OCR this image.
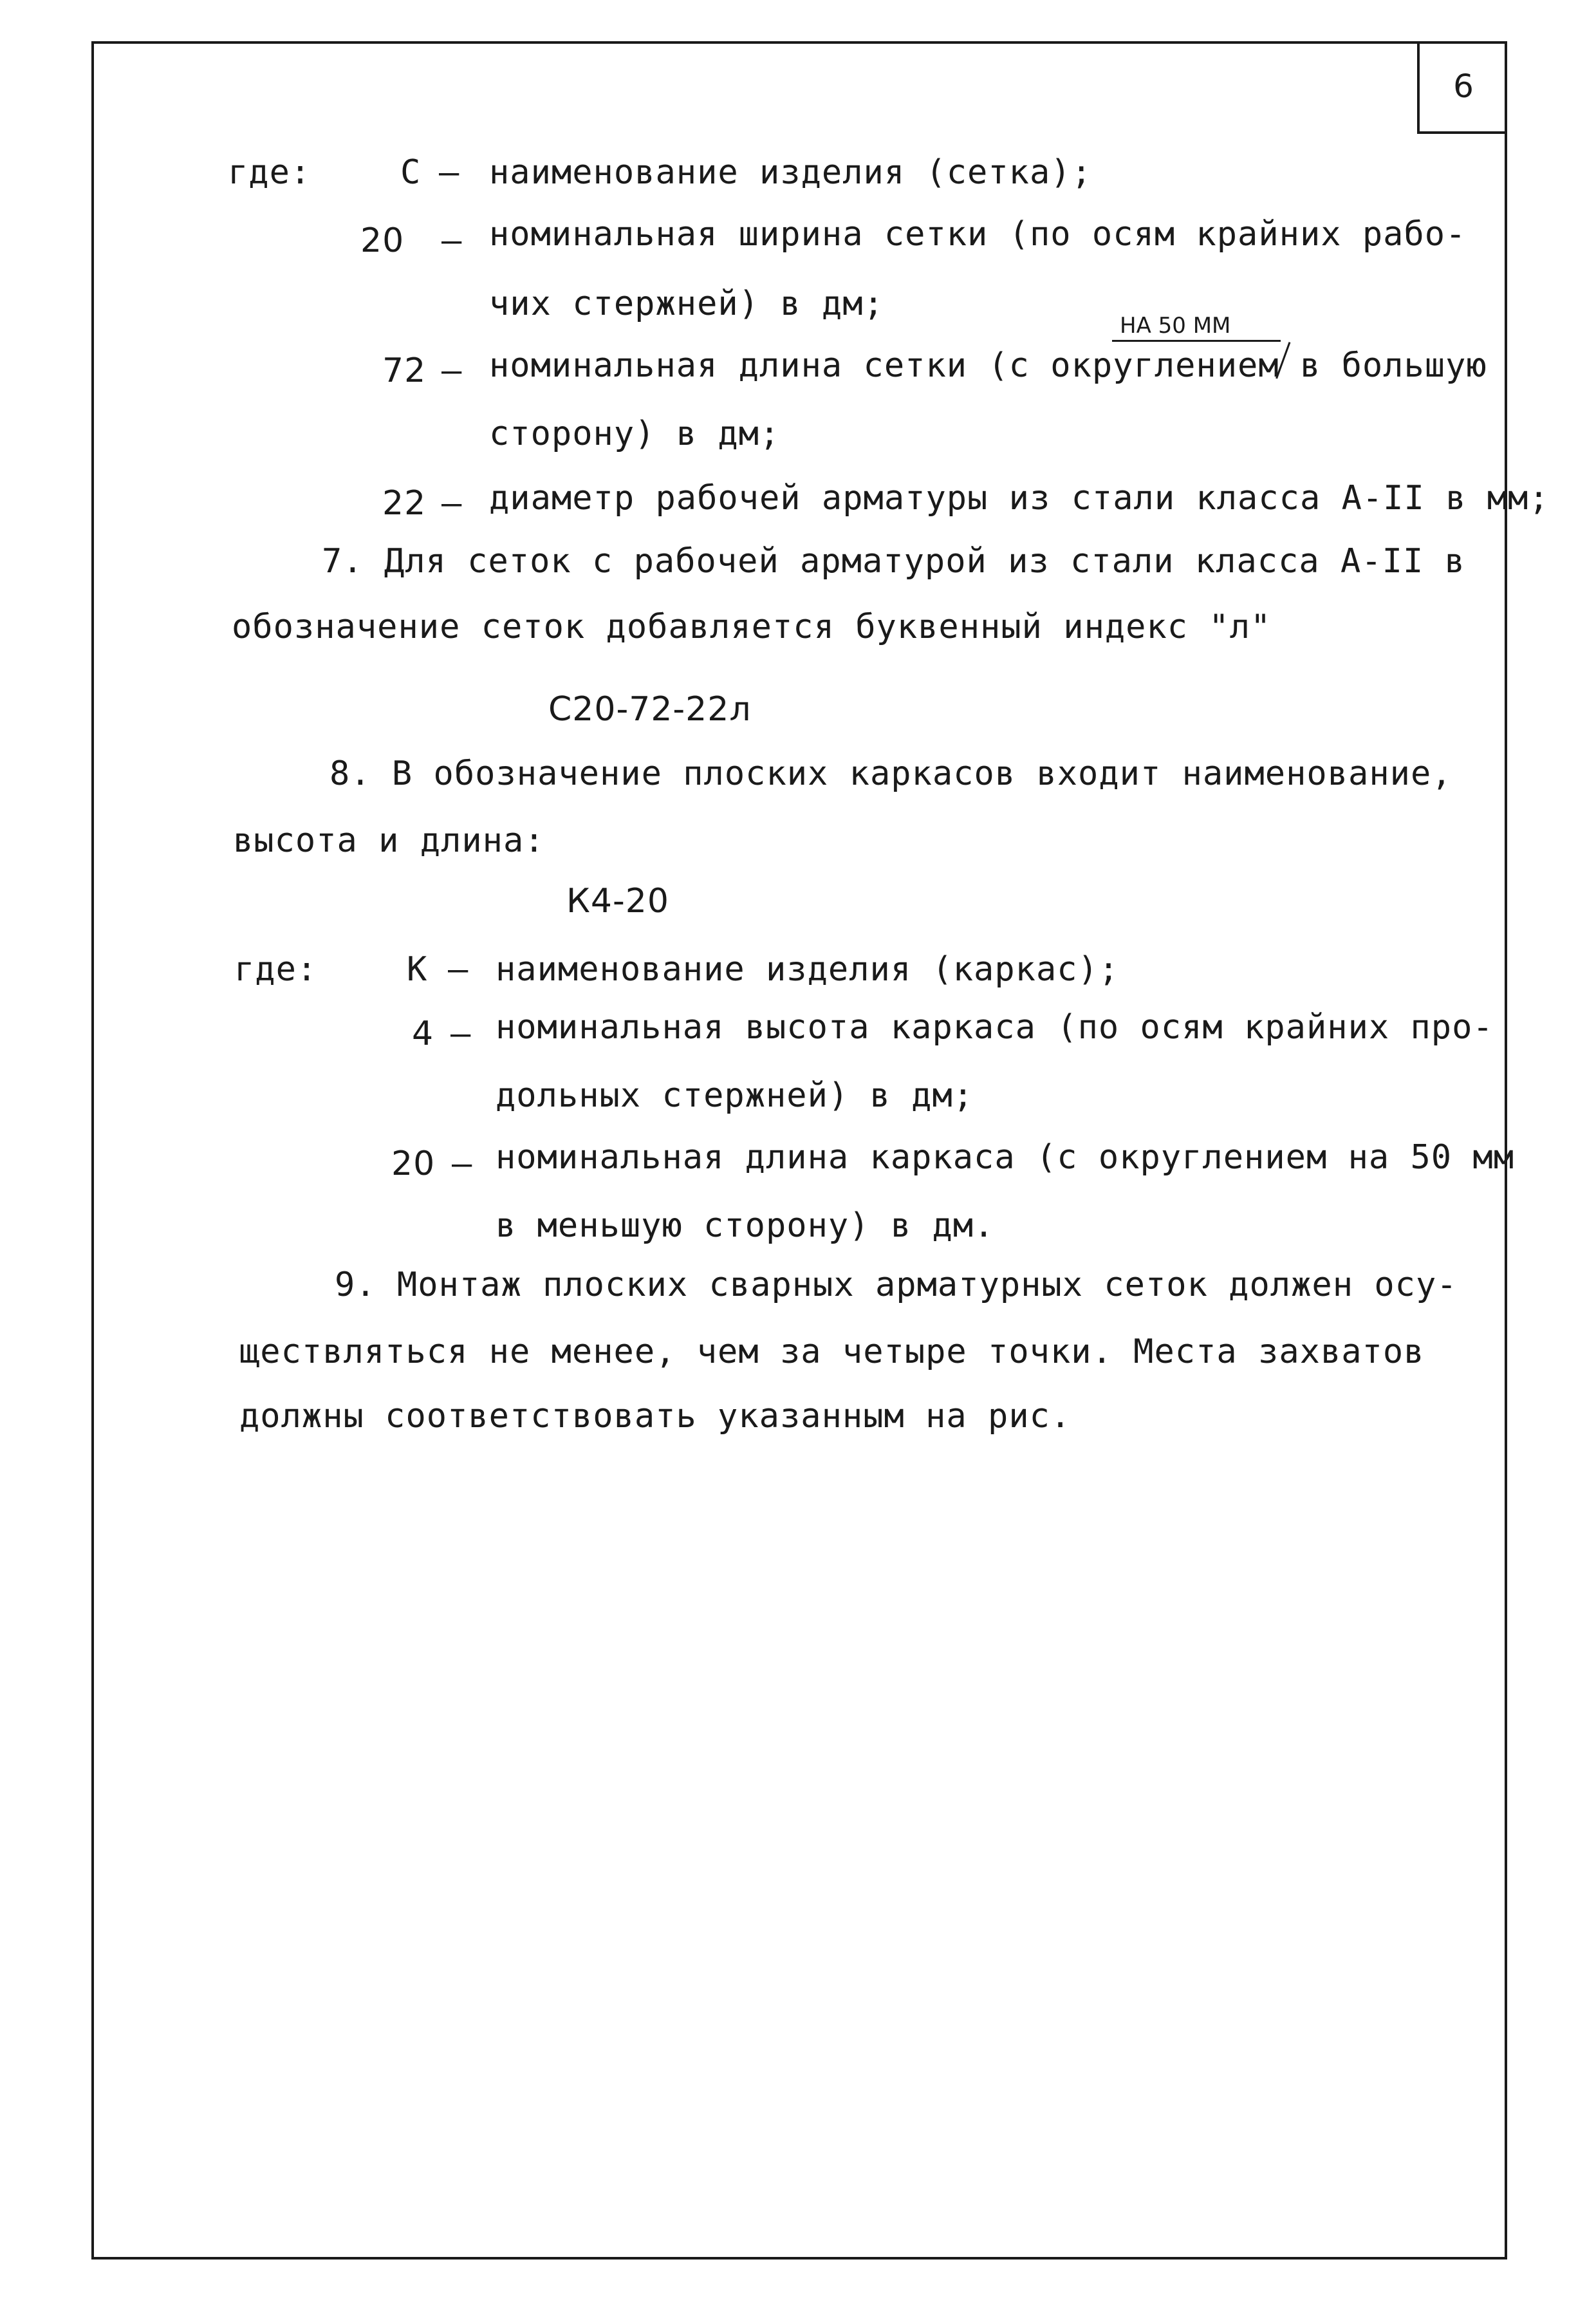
6
где:	С – наименование изделия (сетка);
20 – номинальная ширина сетки (по осям крайних рабо-
чих стержней) в дм;
НА 50 ММ
72 – номинальная длина сетки (с округлением в большую
сторону) в дм;
22 – диаметр рабочей арматуры из стали класса А-II в мм;
7. Для сеток с рабочей арматурой из стали класса А-II в
обозначение сеток добавляется буквенный индекс "л"
С20-72-22л
8. В обозначение плоских каркасов входит наименование,
высота и длина:
К4-20
где:	К – наименование изделия (каркас);
4 – номинальная высота каркаса (по осям крайних про-
дольных стержней) в дм;
20 – номинальная длина каркаса (с округлением на 50 мм
в меньшую сторону) в дм.
9. Монтаж плоских сварных арматурных сеток должен осу-
ществляться не менее, чем за четыре точки. Места захватов
должны соответствовать указанным на рис.
